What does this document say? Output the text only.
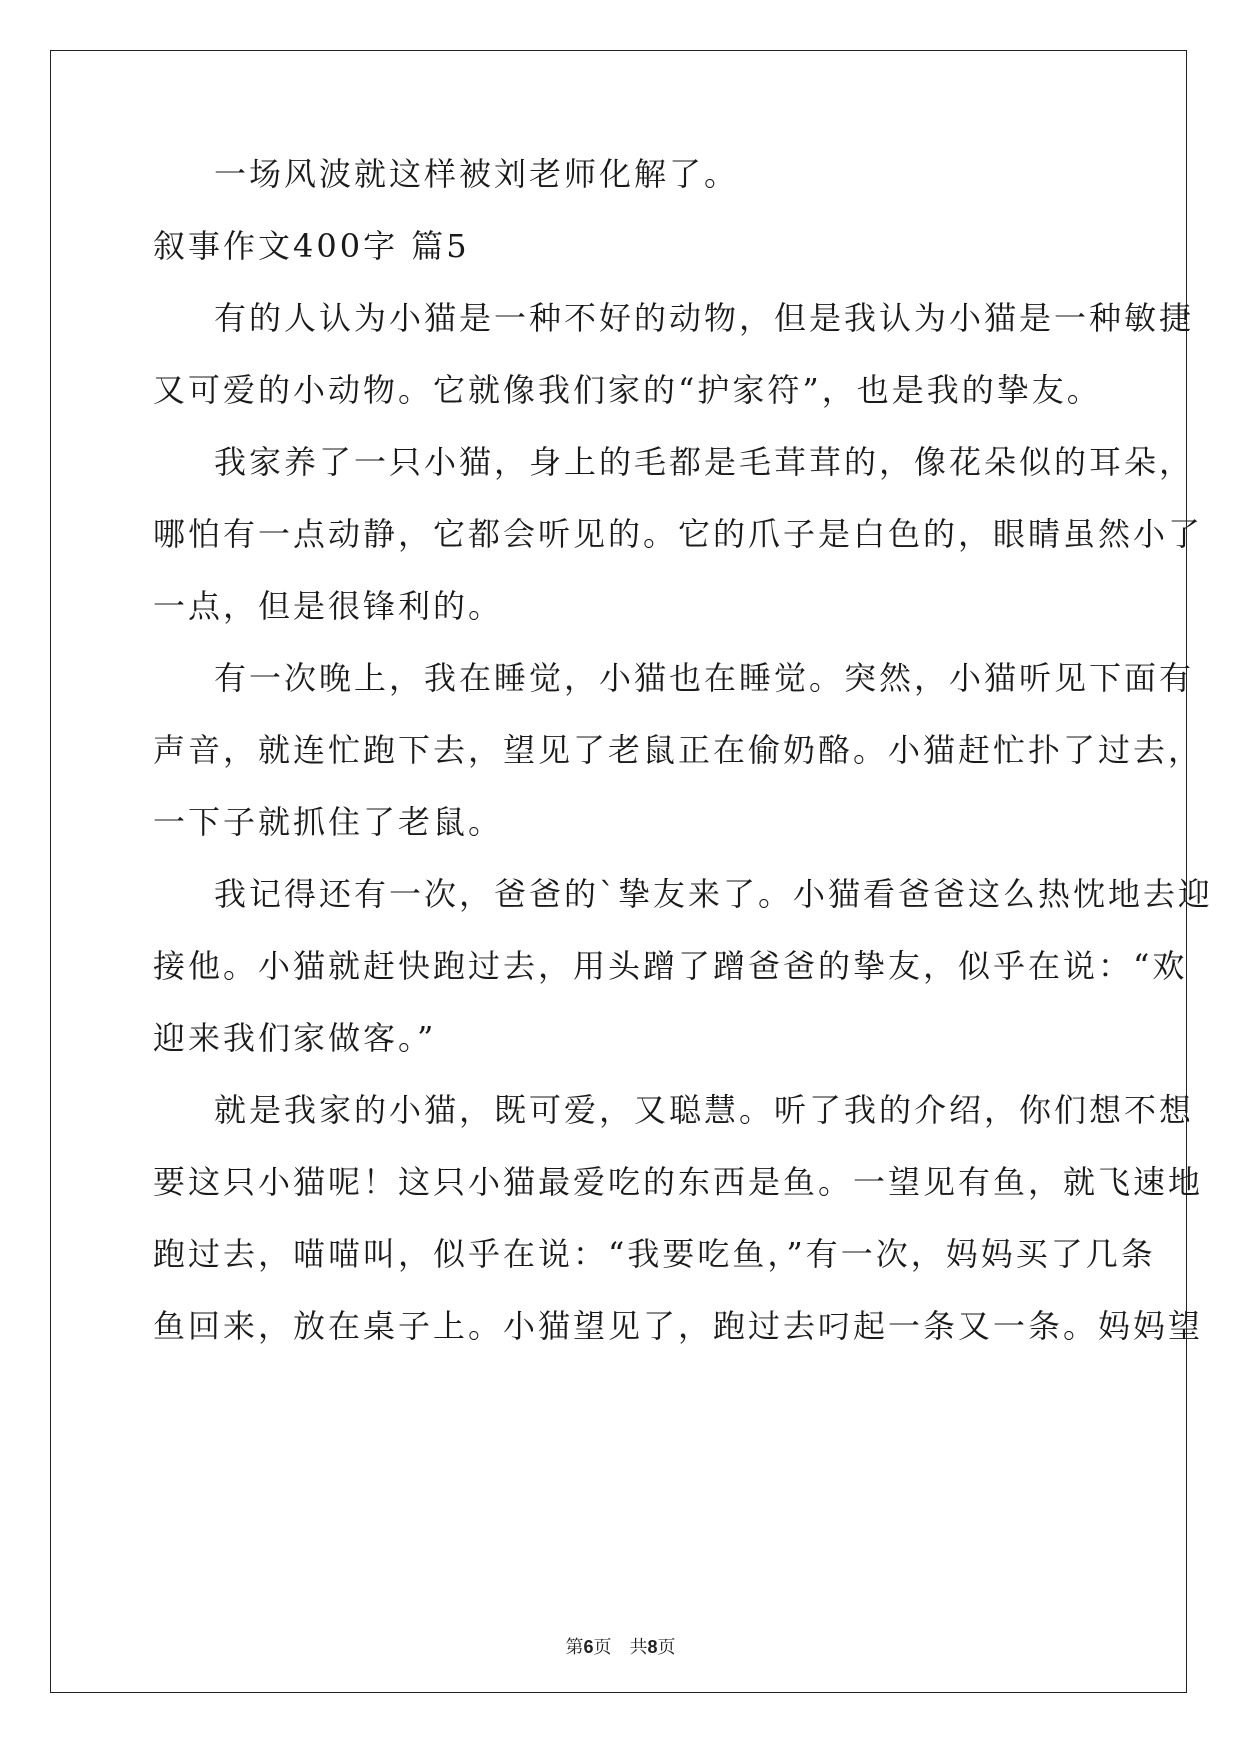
一场风波就这样被刘老师化解了。
叙事作文400字 篇5
有的人认为小猫是一种不好的动物，但是我认为小猫是一种敏捷
又可爱的小动物。它就像我们家的“护家符”，也是我的挚友。
我家养了一只小猫，身上的毛都是毛茸茸的，像花朵似的耳朵，
哪怕有一点动静，它都会听见的。它的爪子是白色的，眼睛虽然小了
一点，但是很锋利的。
有一次晚上，我在睡觉，小猫也在睡觉。突然，小猫听见下面有
声音，就连忙跑下去，望见了老鼠正在偷奶酪。小猫赶忙扑了过去，
一下子就抓住了老鼠。
我记得还有一次，爸爸的`挚友来了。小猫看爸爸这么热忱地去迎
接他。小猫就赶快跑过去，用头蹭了蹭爸爸的挚友，似乎在说：“欢
迎来我们家做客。”
就是我家的小猫，既可爱，又聪慧。听了我的介绍，你们想不想
要这只小猫呢！这只小猫最爱吃的东西是鱼。一望见有鱼，就飞速地
跑过去，喵喵叫，似乎在说：“我要吃鱼，”有一次，妈妈买了几条
鱼回来，放在桌子上。小猫望见了，跑过去叼起一条又一条。妈妈望
第6页　共8页
